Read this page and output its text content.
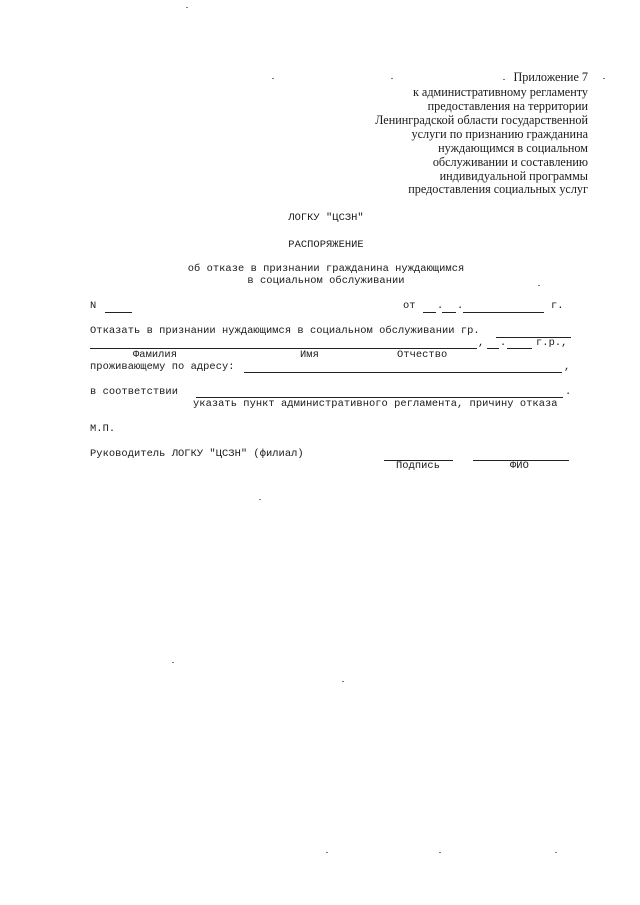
Приложение 7
к административному регламенту
предоставления на территории
Ленинградской области государственной
услуги по признанию гражданина
нуждающимся в социальном
обслуживании и составлению
индивидуальной программы
предоставления социальных услуг
ЛОГКУ "ЦСЗН"
РАСПОРЯЖЕНИЕ
об отказе в признании гражданина нуждающимся
в социальном обслуживании
N	от . .	г.
Отказать в признании нуждающимся в социальном обслуживании гр.
, .	г.р.,
Фамилия	Имя	Отчество
проживающему по адресу:	,
в соответствии	.
указать пункт административного регламента, причину отказа
М.П.
Руководитель ЛОГКУ "ЦСЗН" (филиал)
Подпись	ФИО
